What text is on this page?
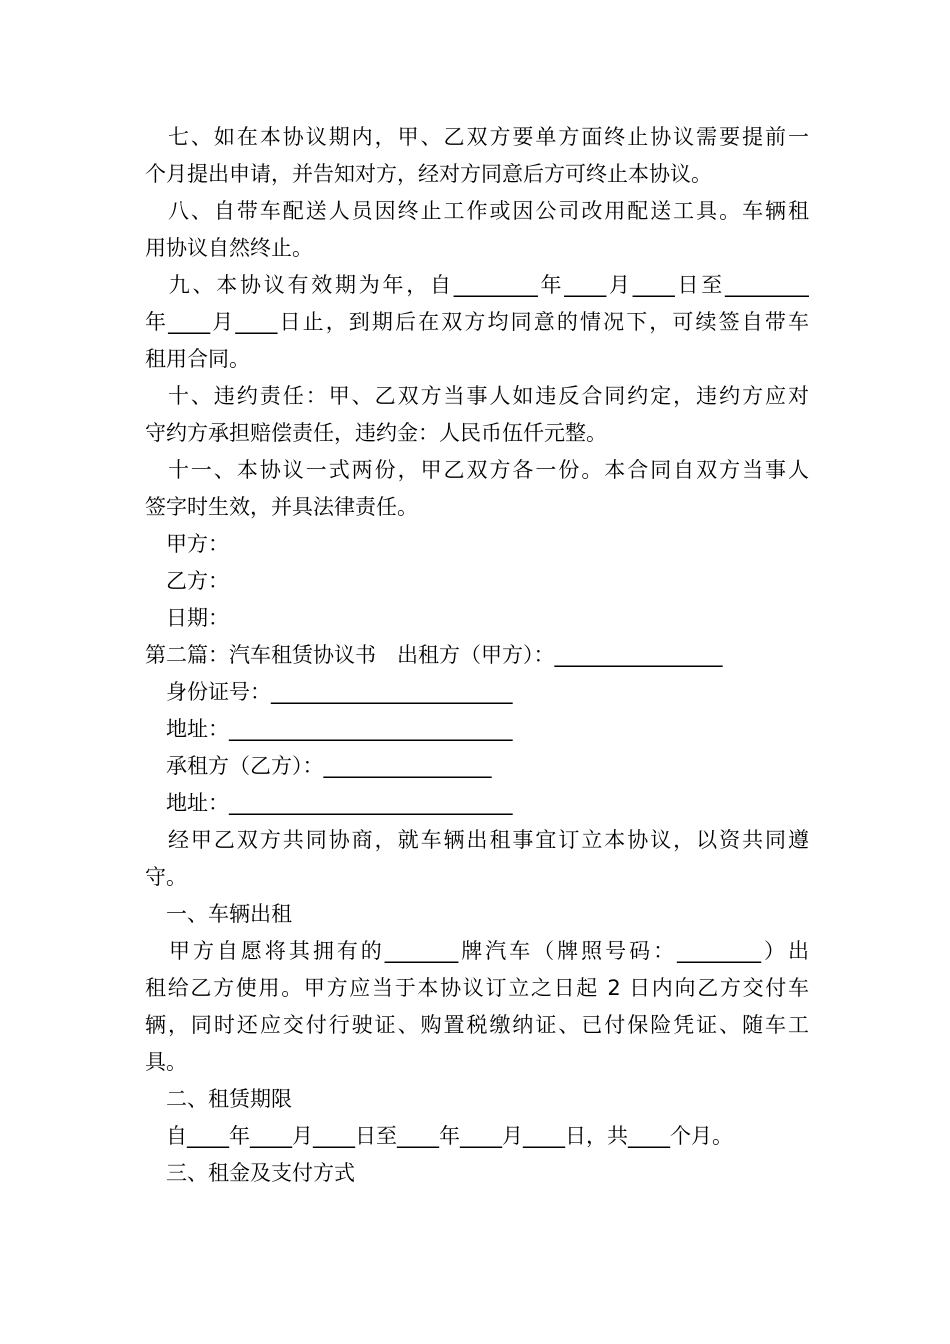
　七、如在本协议期内，甲、乙双方要单方面终止协议需要提前一
个月提出申请，并告知对方，经对方同意后方可终止本协议。
　八、自带车配送人员因终止工作或因公司改用配送工具。车辆租
用协议自然终止。
　九、本协议有效期为年，自________年____月____日至________
年____月____日止，到期后在双方均同意的情况下，可续签自带车
租用合同。
　十、违约责任：甲、乙双方当事人如违反合同约定，违约方应对
守约方承担赔偿责任，违约金：人民币伍仟元整。
　十一、本协议一式两份，甲乙双方各一份。本合同自双方当事人
签字时生效，并具法律责任。
　甲方：
　乙方：
　日期：
第二篇：汽车租赁协议书　出租方（甲方）：________________
　身份证号：_______________________
　地址：___________________________
　承租方（乙方）：________________
　地址：___________________________
　经甲乙双方共同协商，就车辆出租事宜订立本协议，以资共同遵
守。
　一、车辆出租
　甲方自愿将其拥有的_______牌汽车（牌照号码：________）出
租给乙方使用。甲方应当于本协议订立之日起 2 日内向乙方交付车
辆，同时还应交付行驶证、购置税缴纳证、已付保险凭证、随车工
具。
　二、租赁期限
　自____年____月____日至____年____月____日，共____个月。
　三、租金及支付方式
